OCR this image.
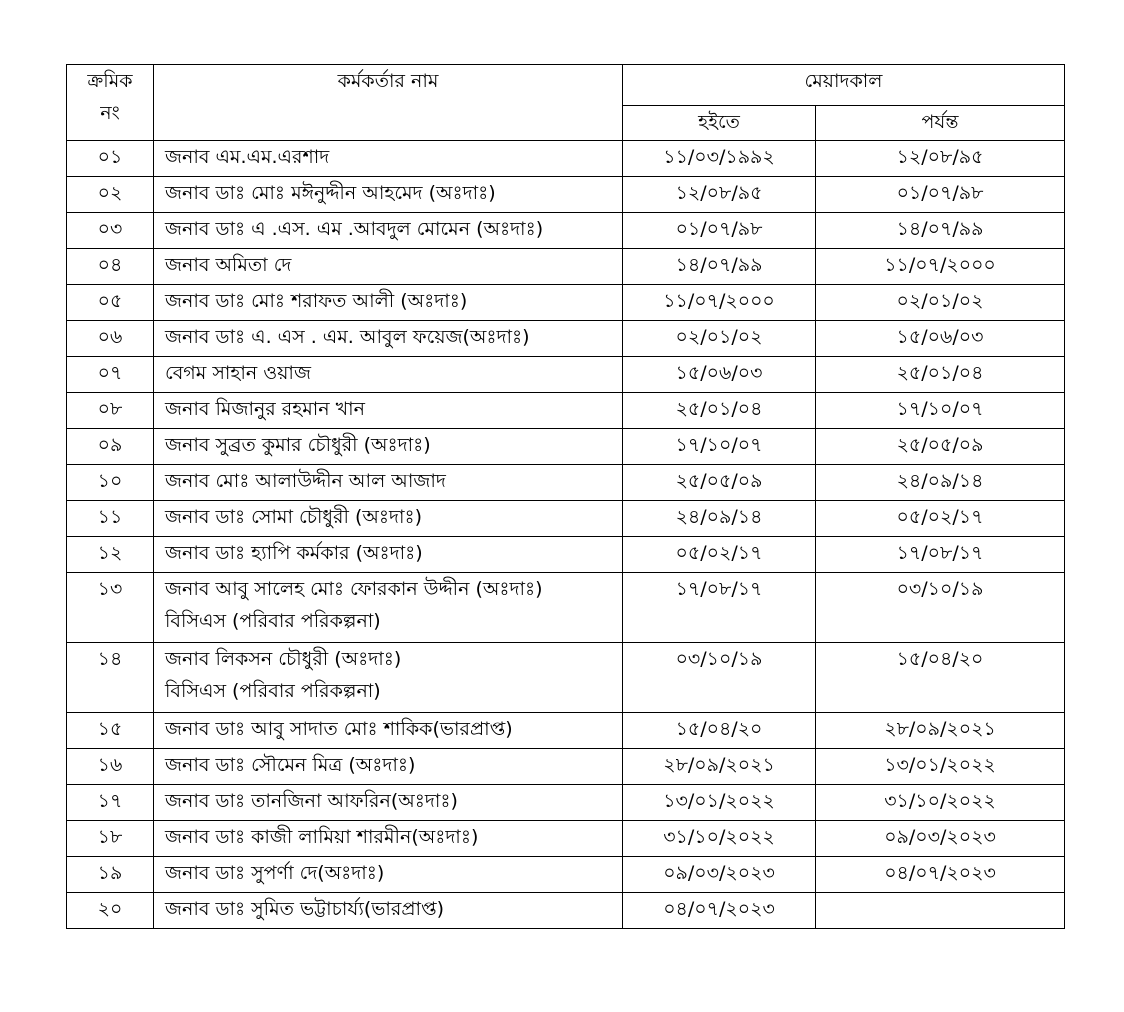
ক্রমিক
নং	কর্মকর্তার নাম	মেয়াদকাল	
		হইতে	পর্যন্ত
০১	জনাব এম.এম.এরশাদ	১১/০৩/১৯৯২	১২/০৮/৯৫
০২	জনাব ডাঃ মোঃ মঈনুদ্দীন আহমেদ (অঃদাঃ)	১২/০৮/৯৫	০১/০৭/৯৮
০৩	জনাব ডাঃ এ .এস. এম .আবদুল মোমেন (অঃদাঃ)	০১/০৭/৯৮	১৪/০৭/৯৯
০৪	জনাব অমিতা দে	১৪/০৭/৯৯	১১/০৭/২০০০
০৫	জনাব ডাঃ মোঃ শরাফত আলী (অঃদাঃ)	১১/০৭/২০০০	০২/০১/০২
০৬	জনাব ডাঃ এ. এস . এম. আবুল ফয়েজ(অঃদাঃ)	০২/০১/০২	১৫/০৬/০৩
০৭	বেগম সাহান ওয়াজ	১৫/০৬/০৩	২৫/০১/০৪
০৮	জনাব মিজানুর রহমান খান	২৫/০১/০৪	১৭/১০/০৭
০৯	জনাব সুব্রত কুমার চৌধুরী (অঃদাঃ)	১৭/১০/০৭	২৫/০৫/০৯
১০	জনাব মোঃ আলাউদ্দীন আল আজাদ	২৫/০৫/০৯	২৪/০৯/১৪
১১	জনাব ডাঃ সোমা চৌধুরী (অঃদাঃ)	২৪/০৯/১৪	০৫/০২/১৭
১২	জনাব ডাঃ হ্যাপি কর্মকার (অঃদাঃ)	০৫/০২/১৭	১৭/০৮/১৭
১৩	জনাব আবু সালেহ মোঃ ফোরকান উদ্দীন (অঃদাঃ)
বিসিএস (পরিবার পরিকল্পনা)	১৭/০৮/১৭	০৩/১০/১৯
১৪	জনাব লিকসন চৌধুরী (অঃদাঃ)
বিসিএস (পরিবার পরিকল্পনা)	০৩/১০/১৯	১৫/০৪/২০
১৫	জনাব ডাঃ আবু সাদাত মোঃ শাকিক(ভারপ্রাপ্ত)	১৫/০৪/২০	২৮/০৯/২০২১
১৬	জনাব ডাঃ সৌমেন মিত্র (অঃদাঃ)	২৮/০৯/২০২১	১৩/০১/২০২২
১৭	জনাব ডাঃ তানজিনা আফরিন(অঃদাঃ)	১৩/০১/২০২২	৩১/১০/২০২২
১৮	জনাব ডাঃ কাজী লামিয়া শারমীন(অঃদাঃ)	৩১/১০/২০২২	০৯/০৩/২০২৩
১৯	জনাব ডাঃ সুপর্ণা দে(অঃদাঃ)	০৯/০৩/২০২৩	০৪/০৭/২০২৩
২০	জনাব ডাঃ সুমিত ভট্টাচার্য্য(ভারপ্রাপ্ত)	০৪/০৭/২০২৩	
